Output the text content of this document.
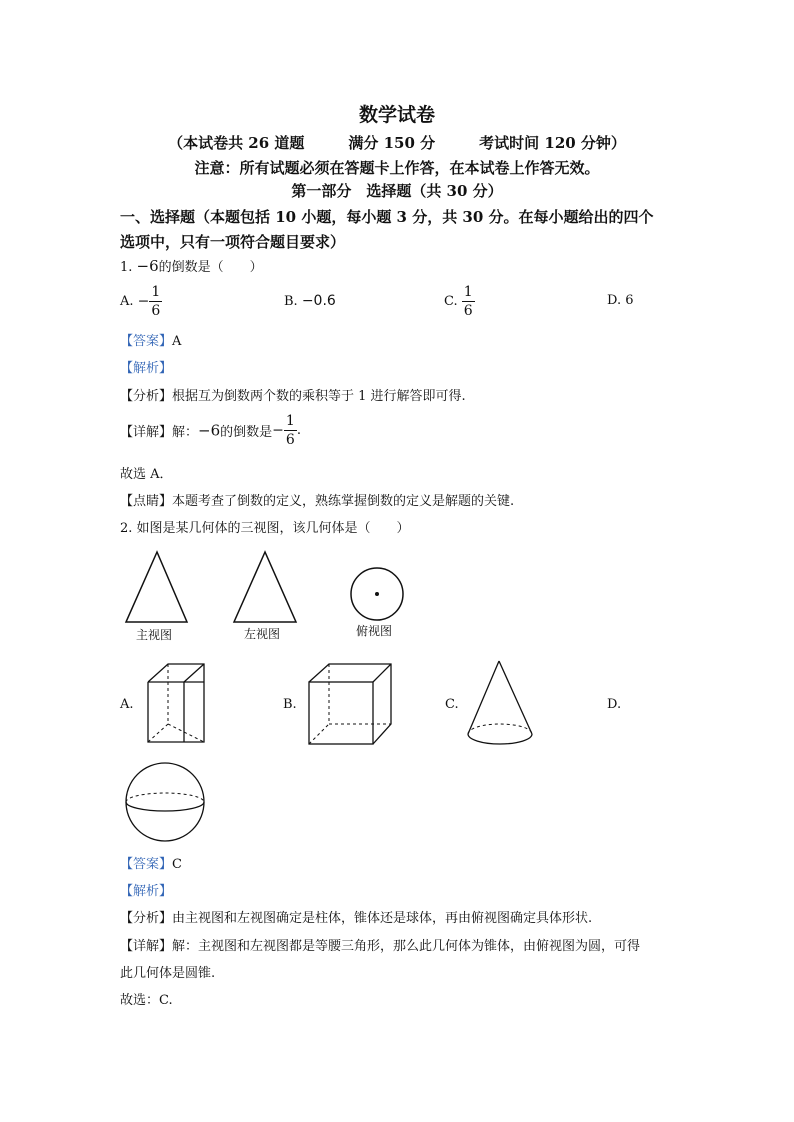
数学试卷
（本试卷共 26 道题	满分 150 分	考试时间 120 分钟）
注意：所有试题必须在答题卡上作答，在本试卷上作答无效。
第一部分　选择题（共 30 分）
一、选择题（本题包括 10 小题，每小题 3 分，共 30 分。在每小题给出的四个
选项中，只有一项符合题目要求）
1. −6的倒数是（　　）
A. − $\frac{1}{6}$	B. −0.6	C. $\frac{1}{6}$	D. 6
【答案】A
【解析】
【分析】根据互为倒数两个数的乘积等于 1 进行解答即可得.
【详解】解：−6的倒数是− $\frac{1}{6}$ .
故选 A．
【点睛】本题考查了倒数的定义，熟练掌握倒数的定义是解题的关键.
2. 如图是某几何体的三视图，该几何体是（　　）
主视图	左视图	俯视图
A.	B.	C.	D.
【答案】C
【解析】
【分析】由主视图和左视图确定是柱体，锥体还是球体，再由俯视图确定具体形状.
【详解】解：主视图和左视图都是等腰三角形，那么此几何体为锥体，由俯视图为圆，可得
此几何体是圆锥.
故选：C.
